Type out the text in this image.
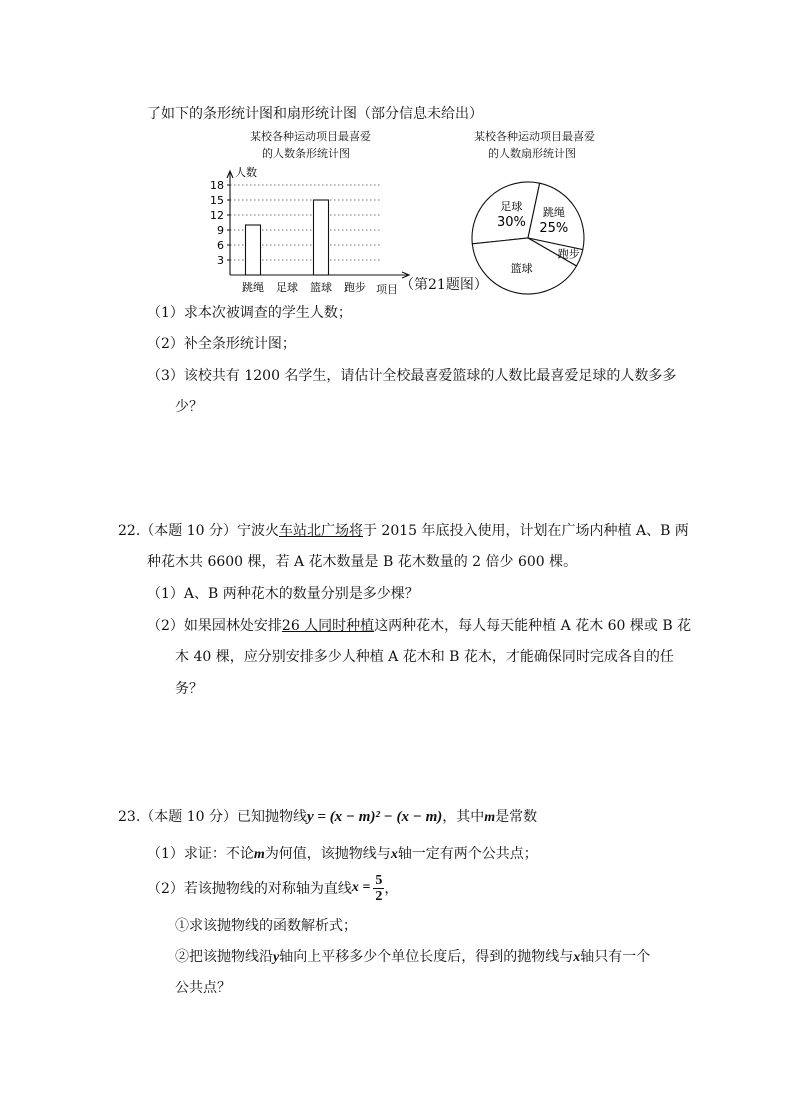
了如下的条形统计图和扇形统计图（部分信息未给出）
某校各种运动项目最喜爱
的人数条形统计图
3
6
9
12
15
18
跳绳 足球 篮球 跑步
人数
项目 （第21题图）
某校各种运动项目最喜爱
的人数扇形统计图
足球
30%
跳绳
25%
跑步
篮球
（1）求本次被调查的学生人数；
（2）补全条形统计图；
（3）该校共有 1200 名学生，请估计全校最喜爱篮球的人数比最喜爱足球的人数多多
少？
22.（本题 10 分）宁波火车站北广场将于 2015 年底投入使用，计划在广场内种植 A、B 两
种花木共 6600 棵，若 A 花木数量是 B 花木数量的 2 倍少 600 棵。
（1）A、B 两种花木的数量分别是多少棵？
（2）如果园林处安排26 人同时种植这两种花木，每人每天能种植 A 花木 60 棵或 B 花
木 40 棵，应分别安排多少人种植 A 花木和 B 花木，才能确保同时完成各自的任
务？
23.（本题 10 分）已知抛物线y = (x − m)² − (x − m)，其中m是常数
（1）求证：不论m为何值，该抛物线与x轴一定有两个公共点；
（2）若该抛物线的对称轴为直线 $x = \frac{5}{2}$ ，
①求该抛物线的函数解析式；
②把该抛物线沿y轴向上平移多少个单位长度后，得到的抛物线与x轴只有一个
公共点？
